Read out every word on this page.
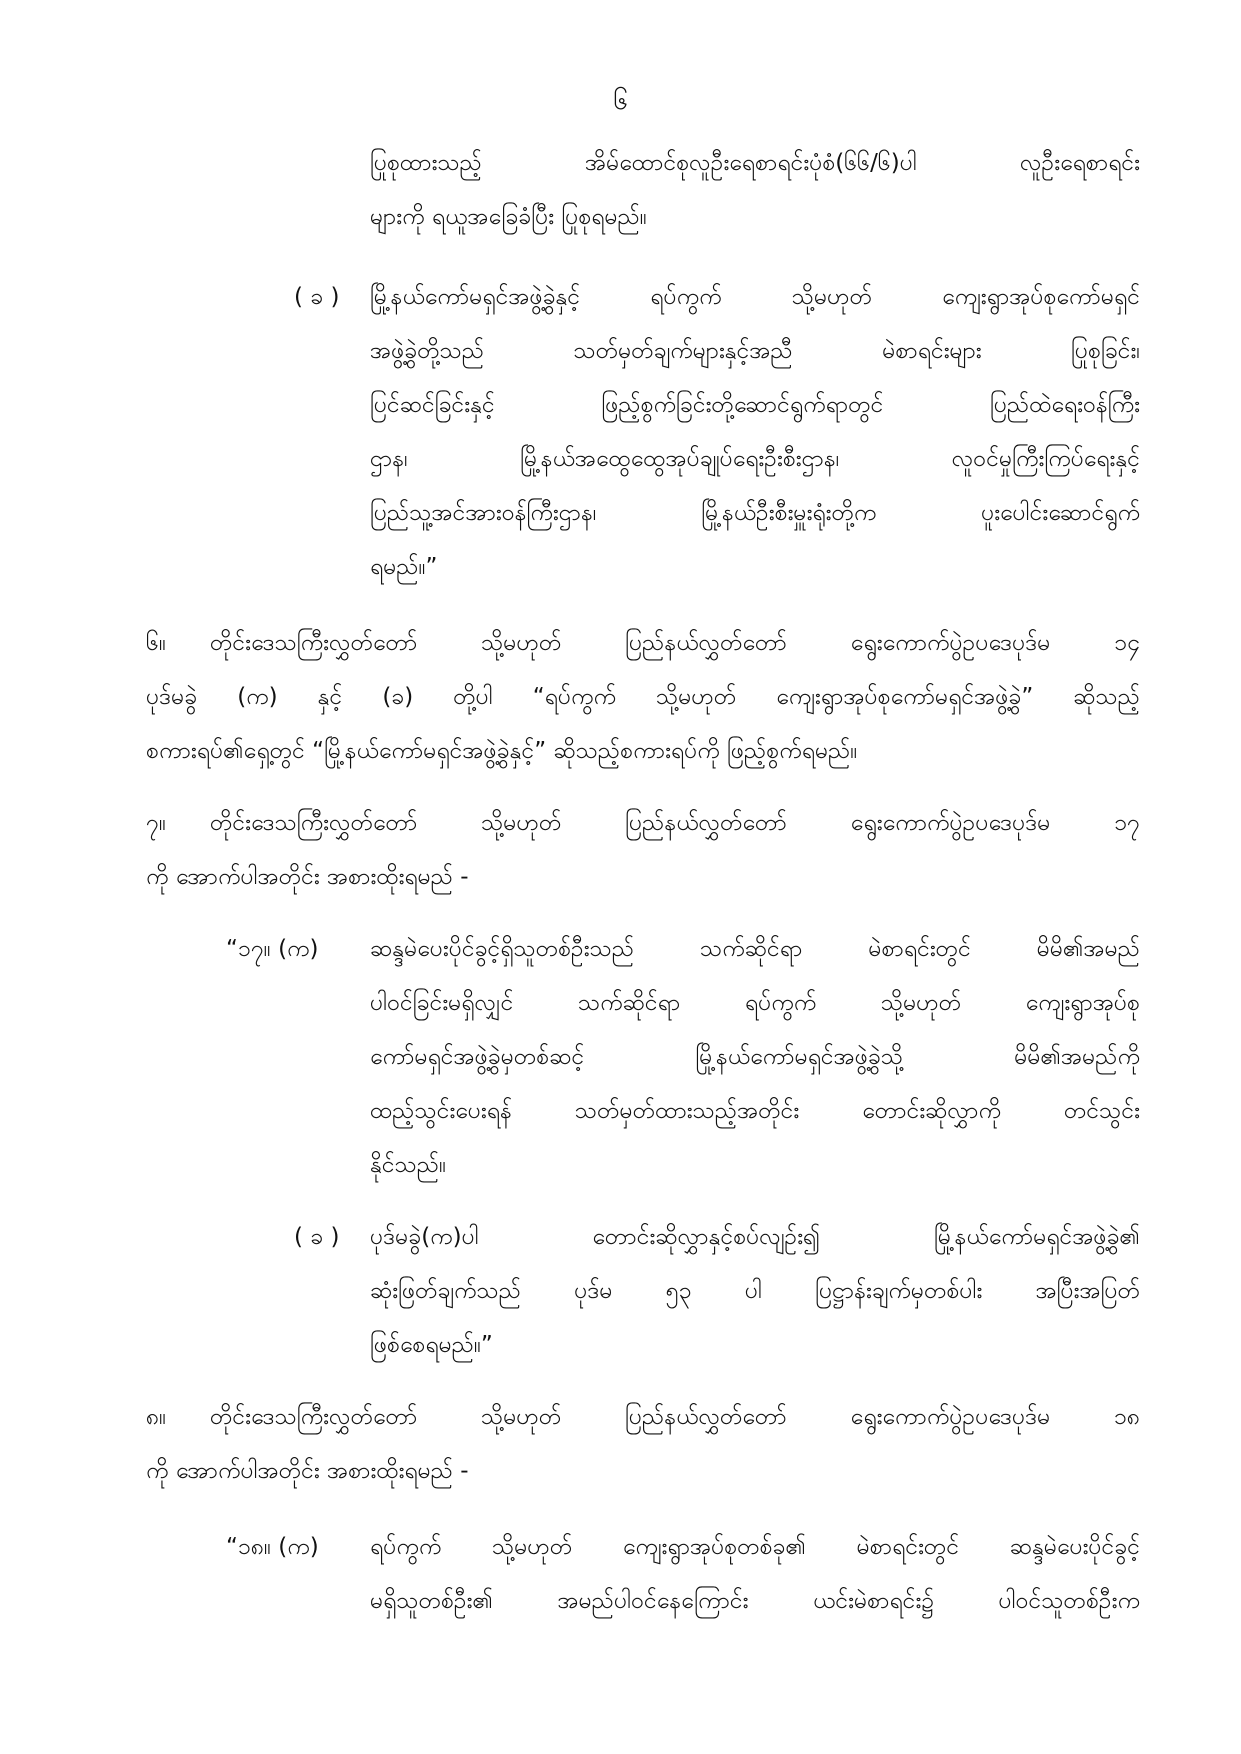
၆
ပြုစုထားသည့် အိမ်ထောင်စုလူဦးရေစာရင်းပုံစံ(၆၆/၆)ပါ လူဦးရေစာရင်း
များကို ရယူအခြေခံပြီး ပြုစုရမည်။
( ခ ) မြို့နယ်ကော်မရှင်အဖွဲ့ခွဲနှင့် ရပ်ကွက် သို့မဟုတ် ကျေးရွာအုပ်စုကော်မရှင်
အဖွဲ့ခွဲတို့သည် သတ်မှတ်ချက်များနှင့်အညီ မဲစာရင်းများ ပြုစုခြင်း၊
ပြင်ဆင်ခြင်းနှင့် ဖြည့်စွက်ခြင်းတို့ဆောင်ရွက်ရာတွင် ပြည်ထဲရေးဝန်ကြီး
ဌာန၊ မြို့နယ်အထွေထွေအုပ်ချုပ်ရေးဦးစီးဌာန၊ လူဝင်မှုကြီးကြပ်ရေးနှင့်
ပြည်သူ့အင်အားဝန်ကြီးဌာန၊ မြို့နယ်ဦးစီးမှူးရုံးတို့က ပူးပေါင်းဆောင်ရွက်
ရမည်။”
၆။	တိုင်းဒေသကြီးလွှတ်တော် သို့မဟုတ် ပြည်နယ်လွှတ်တော် ရွေးကောက်ပွဲဥပဒေပုဒ်မ ၁၄
ပုဒ်မခွဲ (က) နှင့် (ခ) တို့ပါ “ရပ်ကွက် သို့မဟုတ် ကျေးရွာအုပ်စုကော်မရှင်အဖွဲ့ခွဲ” ဆိုသည့်
စကားရပ်၏ရှေ့တွင် “မြို့နယ်ကော်မရှင်အဖွဲ့ခွဲနှင့်” ဆိုသည့်စကားရပ်ကို ဖြည့်စွက်ရမည်။
၇။	တိုင်းဒေသကြီးလွှတ်တော် သို့မဟုတ် ပြည်နယ်လွှတ်တော် ရွေးကောက်ပွဲဥပဒေပုဒ်မ ၁၇
ကို အောက်ပါအတိုင်း အစားထိုးရမည် -
“၁၇။ (က) ဆန္ဒမဲပေးပိုင်ခွင့်ရှိသူတစ်ဦးသည် သက်ဆိုင်ရာ မဲစာရင်းတွင် မိမိ၏အမည်
ပါဝင်ခြင်းမရှိလျှင် သက်ဆိုင်ရာ ရပ်ကွက် သို့မဟုတ် ကျေးရွာအုပ်စု
ကော်မရှင်အဖွဲ့ခွဲမှတစ်ဆင့် မြို့နယ်ကော်မရှင်အဖွဲ့ခွဲသို့ မိမိ၏အမည်ကို
ထည့်သွင်းပေးရန် သတ်မှတ်ထားသည့်အတိုင်း တောင်းဆိုလွှာကို တင်သွင်း
နိုင်သည်။
( ခ ) ပုဒ်မခွဲ(က)ပါ တောင်းဆိုလွှာနှင့်စပ်လျဉ်း၍ မြို့နယ်ကော်မရှင်အဖွဲ့ခွဲ၏
ဆုံးဖြတ်ချက်သည် ပုဒ်မ ၅၃ ပါ ပြဋ္ဌာန်းချက်မှတစ်ပါး အပြီးအပြတ်
ဖြစ်စေရမည်။”
၈။	တိုင်းဒေသကြီးလွှတ်တော် သို့မဟုတ် ပြည်နယ်လွှတ်တော် ရွေးကောက်ပွဲဥပဒေပုဒ်မ ၁၈
ကို အောက်ပါအတိုင်း အစားထိုးရမည် -
“၁၈။ (က) ရပ်ကွက် သို့မဟုတ် ကျေးရွာအုပ်စုတစ်ခု၏ မဲစာရင်းတွင် ဆန္ဒမဲပေးပိုင်ခွင့်
မရှိသူတစ်ဦး၏ အမည်ပါဝင်နေကြောင်း ယင်းမဲစာရင်း၌ ပါဝင်သူတစ်ဦးက
